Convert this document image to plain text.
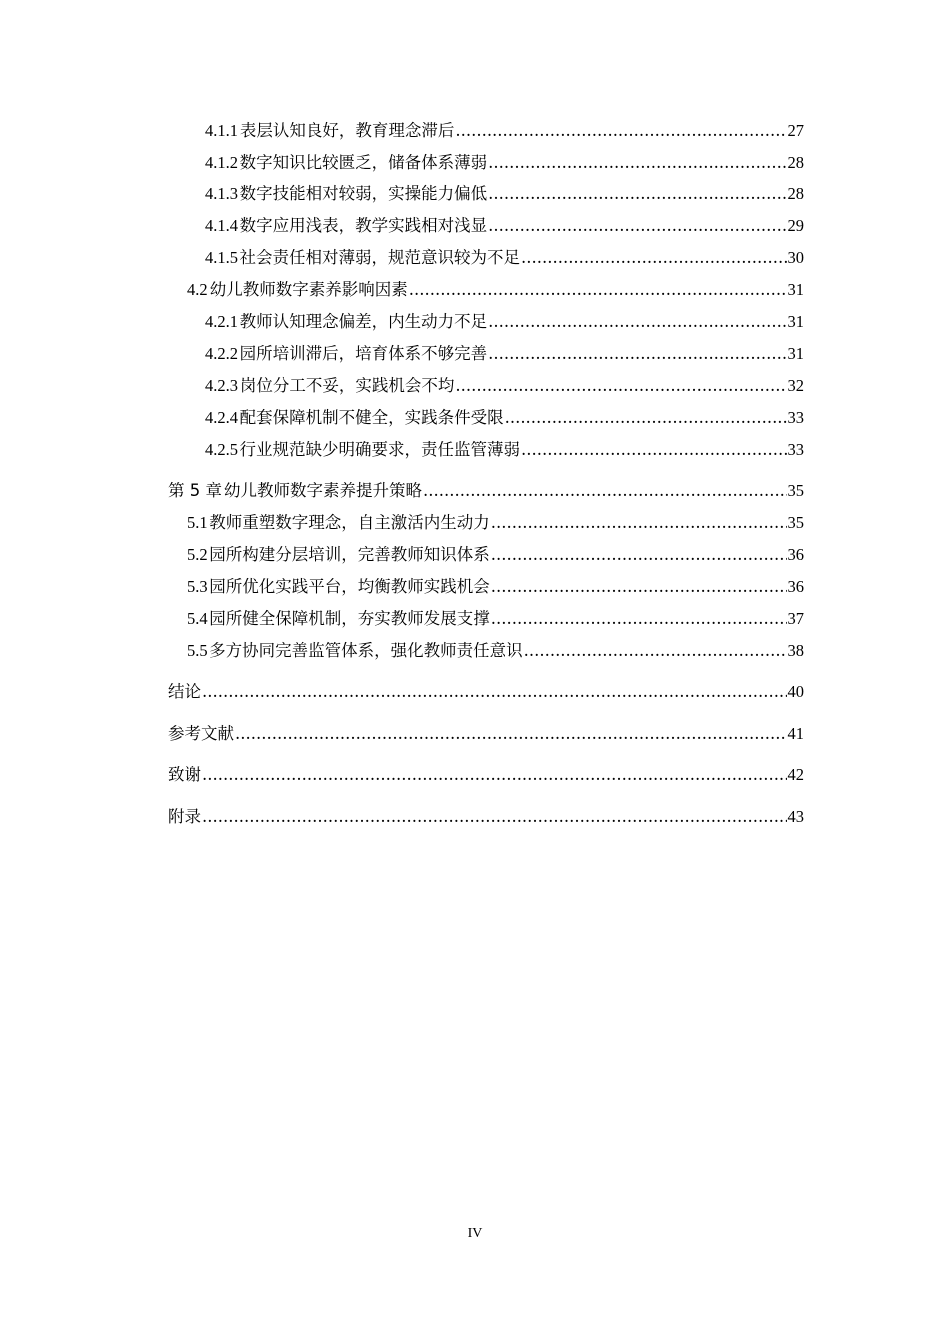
4.1.1 表层认知良好，教育理念滞后 .....	27
4.1.2 数字知识比较匮乏，储备体系薄弱 .....	28
4.1.3 数字技能相对较弱，实操能力偏低 .....	28
4.1.4 数字应用浅表，教学实践相对浅显 .....	29
4.1.5 社会责任相对薄弱，规范意识较为不足 .....	30
4.2 幼儿教师数字素养影响因素 .....	31
4.2.1 教师认知理念偏差，内生动力不足 .....	31
4.2.2 园所培训滞后，培育体系不够完善 .....	31
4.2.3 岗位分工不妥，实践机会不均 .....	32
4.2.4 配套保障机制不健全，实践条件受限 .....	33
4.2.5 行业规范缺少明确要求，责任监管薄弱 .....	33
第 5 章 幼儿教师数字素养提升策略 .....	35
5.1 教师重塑数字理念，自主激活内生动力 .....	35
5.2 园所构建分层培训，完善教师知识体系 .....	36
5.3 园所优化实践平台，均衡教师实践机会 .....	36
5.4 园所健全保障机制，夯实教师发展支撑 .....	37
5.5 多方协同完善监管体系，强化教师责任意识 .....	38
结论 .....	40
参考文献 .....	41
致谢 .....	42
附录 .....	43
IV
